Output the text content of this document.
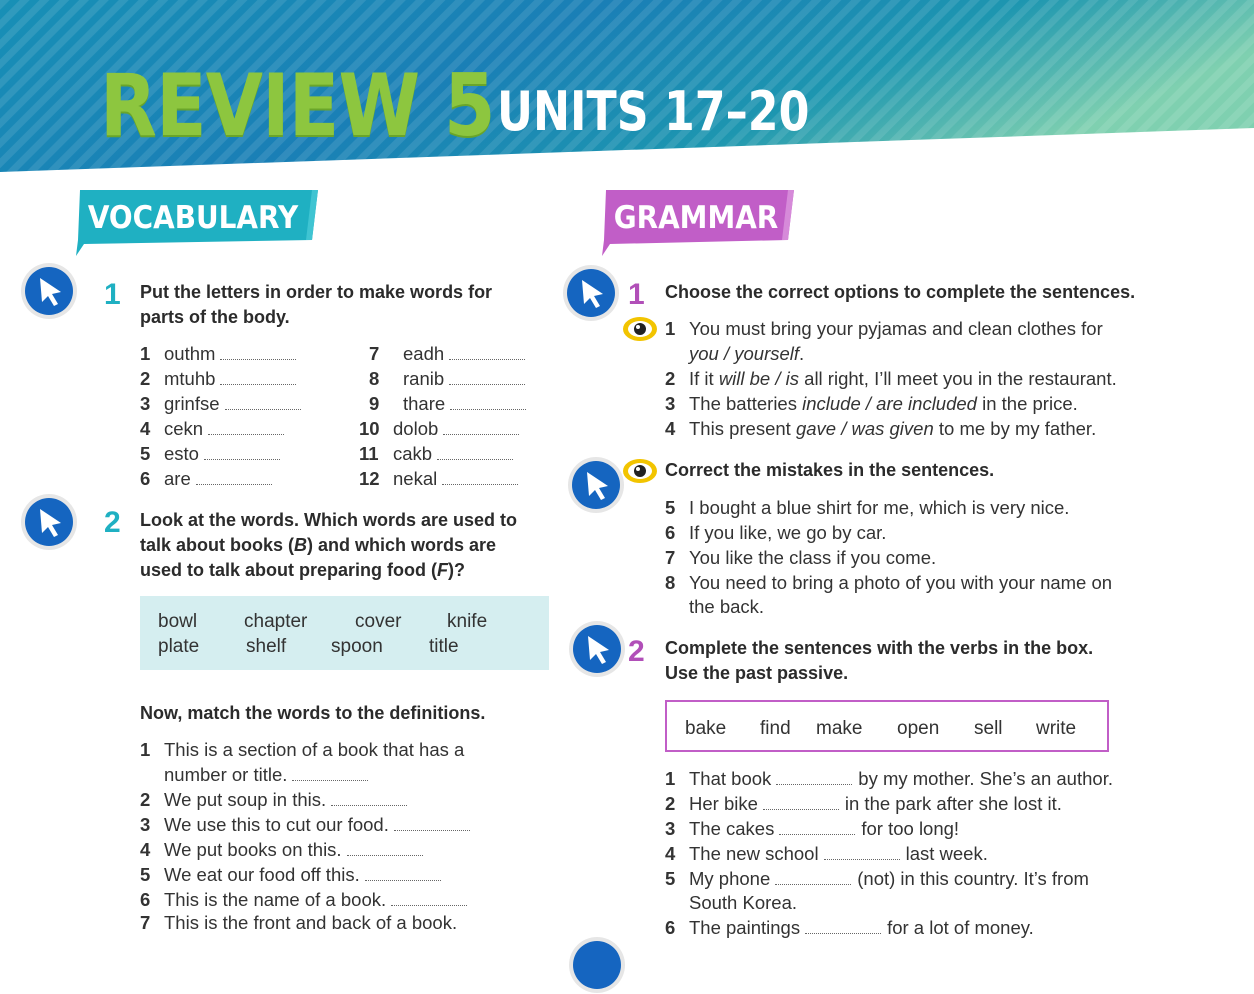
REVIEW 5 UNITS 17–20
VOCABULARY	GRAMMAR
1 Put the letters in order to make words for
parts of the body.
1 outhm
2 mtuhb
3 grinfse
4 cekn
5 esto
6 are
7 eadh
8 ranib
9 thare
10 dolob
11 cakb
12 nekal
2 Look at the words. Which words are used to
talk about books (B) and which words are
used to talk about preparing food (F)?
bowl chapter	cover knife
plate shelf spoon title
Now, match the words to the definitions.
1 This is a section of a book that has a
number or title.
2 We put soup in this.
3 We use this to cut our food.
4 We put books on this.
5 We eat our food off this.
6 This is the name of a book.
7 This is the front and back of a book.
1 Choose the correct options to complete the sentences.
1 You must bring your pyjamas and clean clothes for
you / yourself.
2 If it will be / is all right, I’ll meet you in the restaurant.
3 The batteries include / are included in the price.
4 This present gave / was given to me by my father.
Correct the mistakes in the sentences.
5 I bought a blue shirt for me, which is very nice.
6 If you like, we go by car.
7 You like the class if you come.
8 You need to bring a photo of you with your name on
the back.
2 Complete the sentences with the verbs in the box.
Use the past passive.
bake find make open sell write
1 That book	by my mother. She’s an author.
2 Her bike	in the park after she lost it.
3 The cakes	for too long!
4 The new school	last week.
5 My phone	(not) in this country. It’s from
South Korea.
6 The paintings	for a lot of money.
